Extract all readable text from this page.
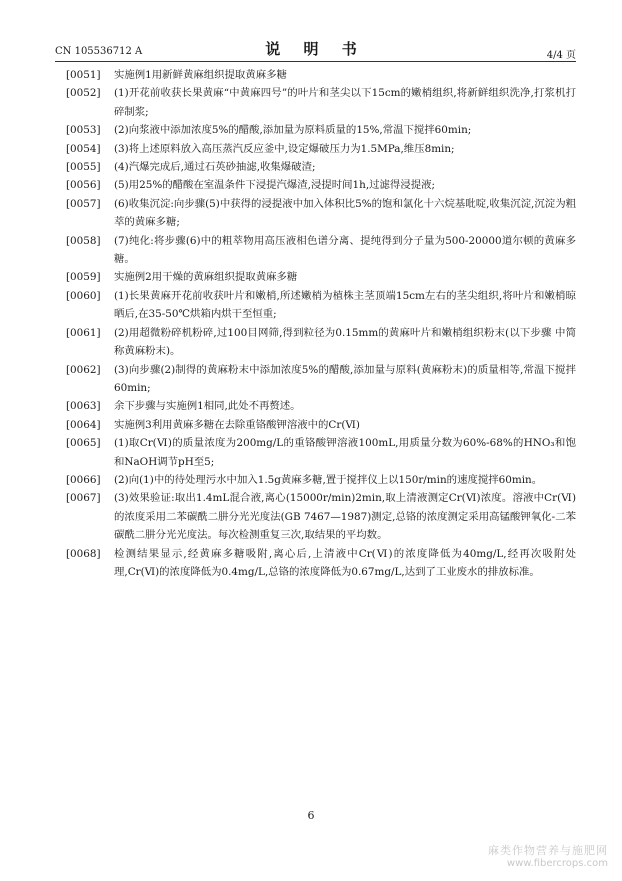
CN 105536712 A	说 明 书	4/4 页
[0051] 实施例1用新鲜黄麻组织提取黄麻多糖
[0052] (1)开花前收获长果黄麻“中黄麻四号”的叶片和茎尖以下15cm的嫩梢组织,将新鲜组织洗净,打浆机打碎制浆;
[0053] (2)向浆液中添加浓度5%的醋酸,添加量为原料质量的15%,常温下搅拌60min;
[0054] (3)将上述原料放入高压蒸汽反应釜中,设定爆破压力为1.5MPa,维压8min;
[0055] (4)汽爆完成后,通过石英砂抽滤,收集爆破渣;
[0056] (5)用25%的醋酸在室温条件下浸提汽爆渣,浸提时间1h,过滤得浸提液;
[0057] (6)收集沉淀:向步骤(5)中获得的浸提液中加入体积比5%的饱和氯化十六烷基吡啶,收集沉淀,沉淀为粗萃的黄麻多糖;
[0058] (7)纯化:将步骤(6)中的粗萃物用高压液相色谱分离、提纯得到分子量为500-20000道尔顿的黄麻多糖。
[0059] 实施例2用干燥的黄麻组织提取黄麻多糖
[0060] (1)长果黄麻开花前收获叶片和嫩梢,所述嫩梢为植株主茎顶端15cm左右的茎尖组织,将叶片和嫩梢晾晒后,在35-50℃烘箱内烘干至恒重;
[0061] (2)用超微粉碎机粉碎,过100目网筛,得到粒径为0.15mm的黄麻叶片和嫩梢组织粉末(以下步骤 中简称黄麻粉末)。
[0062] (3)向步骤(2)制得的黄麻粉末中添加浓度5%的醋酸,添加量与原料(黄麻粉末)的质量相等,常温下搅拌60min;
[0063] 余下步骤与实施例1相同,此处不再赘述。
[0064] 实施例3利用黄麻多糖在去除重铬酸钾溶液中的Cr(Ⅵ)
[0065] (1)取Cr(Ⅵ)的质量浓度为200mg/L的重铬酸钾溶液100mL,用质量分数为60%-68%的HNO₃和饱和NaOH调节pH至5;
[0066] (2)向(1)中的待处理污水中加入1.5g黄麻多糖,置于搅拌仪上以150r/min的速度搅拌60min。
[0067] (3)效果验证:取出1.4mL混合液,离心(15000r/min)2min,取上清液测定Cr(Ⅵ)浓度。溶液中Cr(Ⅵ)的浓度采用二苯碳酰二肼分光光度法(GB 7467—1987)测定,总铬的浓度测定采用高锰酸钾氧化-二苯碳酰二肼分光光度法。每次检测重复三次,取结果的平均数。
[0068] 检测结果显示,经黄麻多糖吸附,离心后,上清液中Cr(Ⅵ)的浓度降低为40mg/L,经再次吸附处理,Cr(Ⅵ)的浓度降低为0.4mg/L,总铬的浓度降低为0.67mg/L,达到了工业废水的排放标准。
6
麻类作物营养与施肥网
www.fibercrops.com
